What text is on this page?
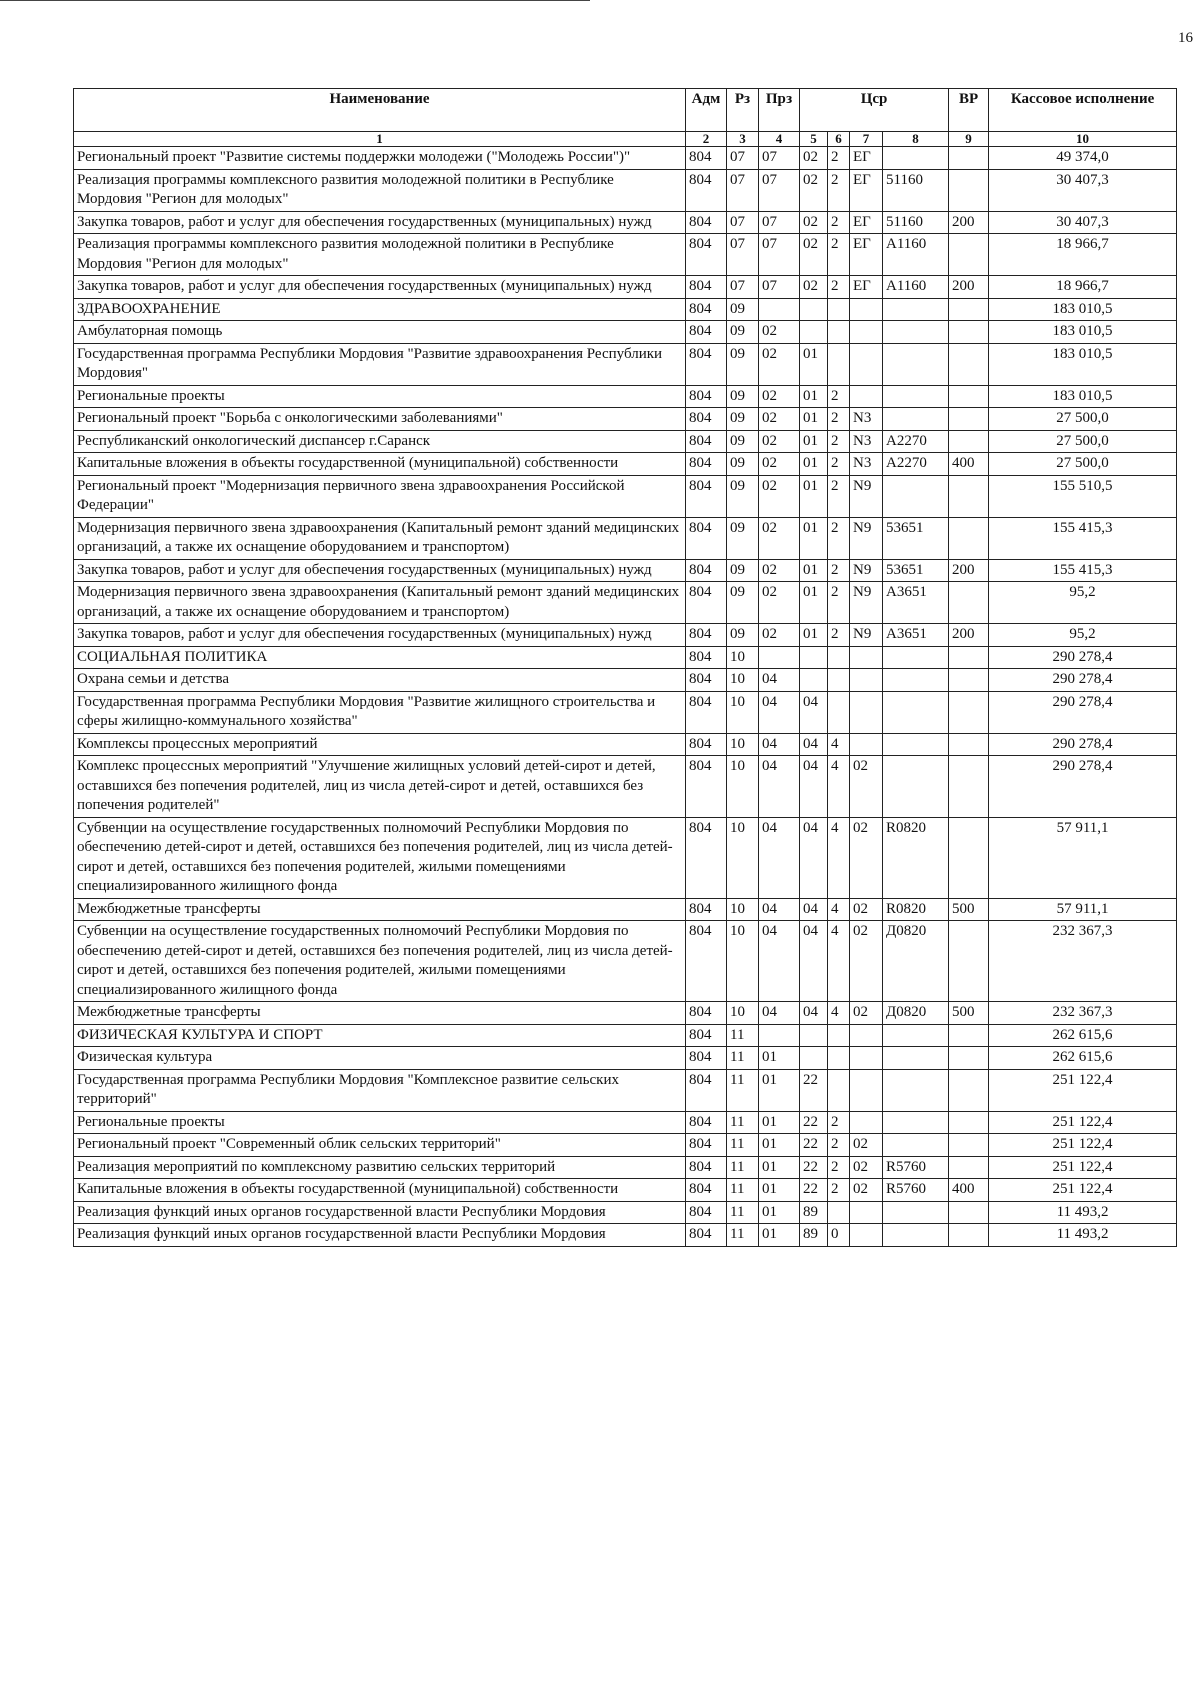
16
Наименование	Адм	Рз	Прз	Цср				ВР	Кассовое исполнение
1	2	3	4	5	6	7	8	9	10
Региональный проект "Развитие системы поддержки молодежи ("Молодежь России")"	804	07	07	02	2	ЕГ			49 374,0
Реализация программы комплексного развития молодежной политики в Республике Мордовия "Регион для молодых"	804	07	07	02	2	ЕГ	51160		30 407,3
Закупка товаров, работ и услуг для обеспечения государственных (муниципальных) нужд	804	07	07	02	2	ЕГ	51160	200	30 407,3
Реализация программы комплексного развития молодежной политики в Республике Мордовия "Регион для молодых"	804	07	07	02	2	ЕГ	А1160		18 966,7
Закупка товаров, работ и услуг для обеспечения государственных (муниципальных) нужд	804	07	07	02	2	ЕГ	А1160	200	18 966,7
ЗДРАВООХРАНЕНИЕ	804	09							183 010,5
Амбулаторная помощь	804	09	02						183 010,5
Государственная программа Республики Мордовия "Развитие здравоохранения Республики Мордовия"	804	09	02	01					183 010,5
Региональные проекты	804	09	02	01	2				183 010,5
Региональный проект "Борьба с онкологическими заболеваниями"	804	09	02	01	2	N3			27 500,0
Республиканский онкологический диспансер г.Саранск	804	09	02	01	2	N3	А2270		27 500,0
Капитальные вложения в объекты государственной (муниципальной) собственности	804	09	02	01	2	N3	А2270	400	27 500,0
Региональный проект "Модернизация первичного звена здравоохранения Российской Федерации"	804	09	02	01	2	N9			155 510,5
Модернизация первичного звена здравоохранения (Капитальный ремонт зданий медицинских организаций, а также их оснащение оборудованием и транспортом)	804	09	02	01	2	N9	53651		155 415,3
Закупка товаров, работ и услуг для обеспечения государственных (муниципальных) нужд	804	09	02	01	2	N9	53651	200	155 415,3
Модернизация первичного звена здравоохранения (Капитальный ремонт зданий медицинских организаций, а также их оснащение оборудованием и транспортом)	804	09	02	01	2	N9	А3651		95,2
Закупка товаров, работ и услуг для обеспечения государственных (муниципальных) нужд	804	09	02	01	2	N9	А3651	200	95,2
СОЦИАЛЬНАЯ ПОЛИТИКА	804	10							290 278,4
Охрана семьи и детства	804	10	04						290 278,4
Государственная программа Республики Мордовия "Развитие жилищного строительства и сферы жилищно-коммунального хозяйства"	804	10	04	04					290 278,4
Комплексы процессных мероприятий	804	10	04	04	4				290 278,4
Комплекс процессных мероприятий "Улучшение жилищных условий детей-сирот и детей, оставшихся без попечения родителей, лиц из числа детей-сирот и детей, оставшихся без попечения родителей"	804	10	04	04	4	02			290 278,4
Субвенции на осуществление государственных полномочий Республики Мордовия по обеспечению детей-сирот и детей, оставшихся без попечения родителей, лиц из числа детей-сирот и детей, оставшихся без попечения родителей, жилыми помещениями специализированного жилищного фонда	804	10	04	04	4	02	R0820		57 911,1
Межбюджетные трансферты	804	10	04	04	4	02	R0820	500	57 911,1
Субвенции на осуществление государственных полномочий Республики Мордовия по обеспечению детей-сирот и детей, оставшихся без попечения родителей, лиц из числа детей-сирот и детей, оставшихся без попечения родителей, жилыми помещениями специализированного жилищного фонда	804	10	04	04	4	02	Д0820		232 367,3
Межбюджетные трансферты	804	10	04	04	4	02	Д0820	500	232 367,3
ФИЗИЧЕСКАЯ КУЛЬТУРА И СПОРТ	804	11							262 615,6
Физическая культура	804	11	01						262 615,6
Государственная программа Республики Мордовия "Комплексное развитие сельских территорий"	804	11	01	22					251 122,4
Региональные проекты	804	11	01	22	2				251 122,4
Региональный проект "Современный облик сельских территорий"	804	11	01	22	2	02			251 122,4
Реализация мероприятий по комплексному развитию сельских территорий	804	11	01	22	2	02	R5760		251 122,4
Капитальные вложения в объекты государственной (муниципальной) собственности	804	11	01	22	2	02	R5760	400	251 122,4
Реализация функций иных органов государственной власти Республики Мордовия	804	11	01	89					11 493,2
Реализация функций иных органов государственной власти Республики Мордовия	804	11	01	89	0				11 493,2
